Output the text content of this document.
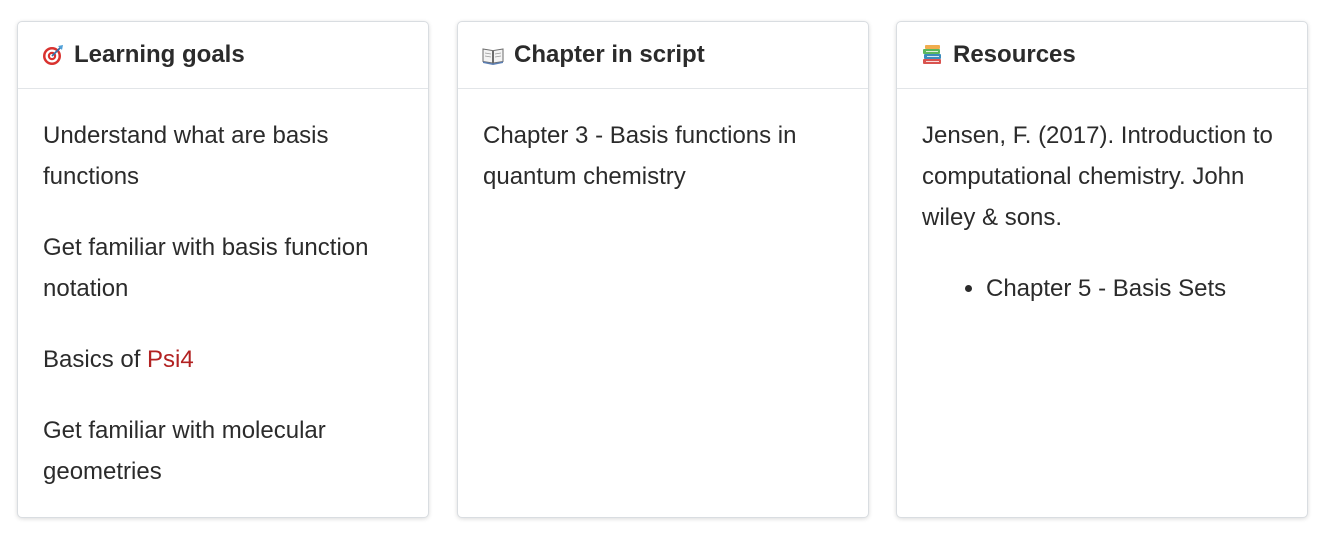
Learning goals

Understand what are basis functions

Get familiar with basis function notation

Basics of Psi4

Get familiar with molecular geometries

Chapter in script

Chapter 3 - Basis functions in quantum chemistry

Resources

Jensen, F. (2017). Introduction to computational chemistry. John wiley & sons.

• Chapter 5 - Basis Sets
